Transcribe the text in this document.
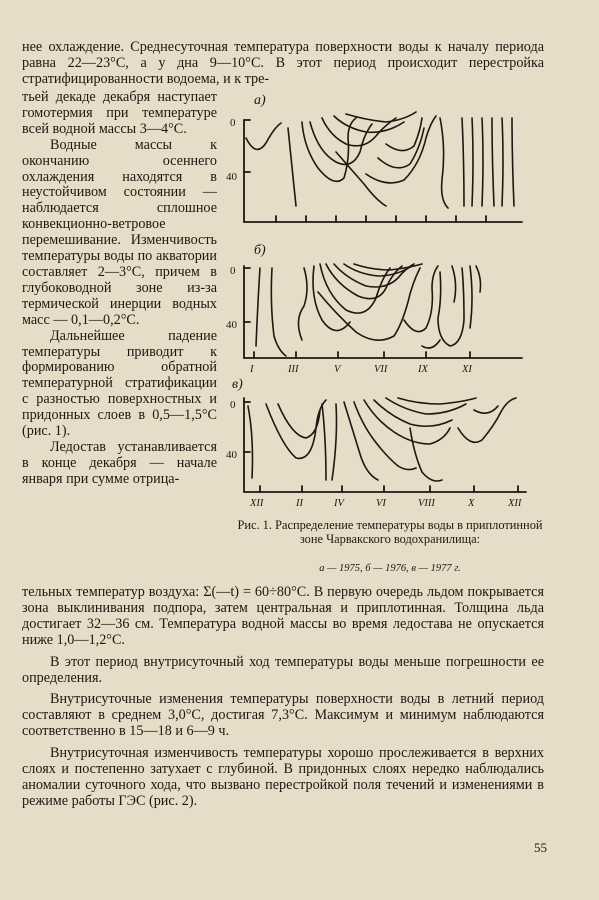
нее охлаждение. Среднесуточная температура поверхности воды к началу периода равна 22—23°С, а у дна 9—10°С. В этот период происходит перестройка стратифицированности водоема, и к тре-

тьей декаде декабря наступает гомотермия при температуре всей водной массы 3—4°С.

Водные массы к окончанию осеннего охлаждения находятся в неустойчивом состоянии — наблюдается сплошное конвекционно-ветровое перемешивание. Изменчивость температуры воды по акватории составляет 2—3°С, причем в глубоководной зоне из-за термической инерции водных масс — 0,1—0,2°С.

Дальнейшее падение температуры приводит к формированию обратной температурной стратификации с разностью поверхностных и придонных слоев в 0,5—1,5°С (рис. 1).

Ледостав устанавливается в конце декабря — начале января при сумме отрица-

а)
0
40
б)
0
40
I	III	V	VII	IX	XI
в)
0
40
XII	II	IV	VI	VIII	X	XII

Рис. 1. Распределение температуры воды в приплотинной зоне Чарвакского водохранилища:

а — 1975, б — 1976, в — 1977 г.

тельных температур воздуха: Σ(—t) = 60÷80°С. В первую очередь льдом покрывается зона выклинивания подпора, затем центральная и приплотинная. Толщина льда достигает 32—36 см. Температура водной массы во время ледостава не опускается ниже 1,0—1,2°С.

В этот период внутрисуточный ход температуры воды меньше погрешности ее определения.

Внутрисуточные изменения температуры поверхности воды в летний период составляют в среднем 3,0°С, достигая 7,3°С. Максимум и минимум наблюдаются соответственно в 15—18 и 6—9 ч.

Внутрисуточная изменчивость температуры хорошо прослеживается в верхних слоях и постепенно затухает с глубиной. В придонных слоях нередко наблюдались аномалии суточного хода, что вызвано перестройкой поля течений и изменениями в режиме работы ГЭС (рис. 2).

55
